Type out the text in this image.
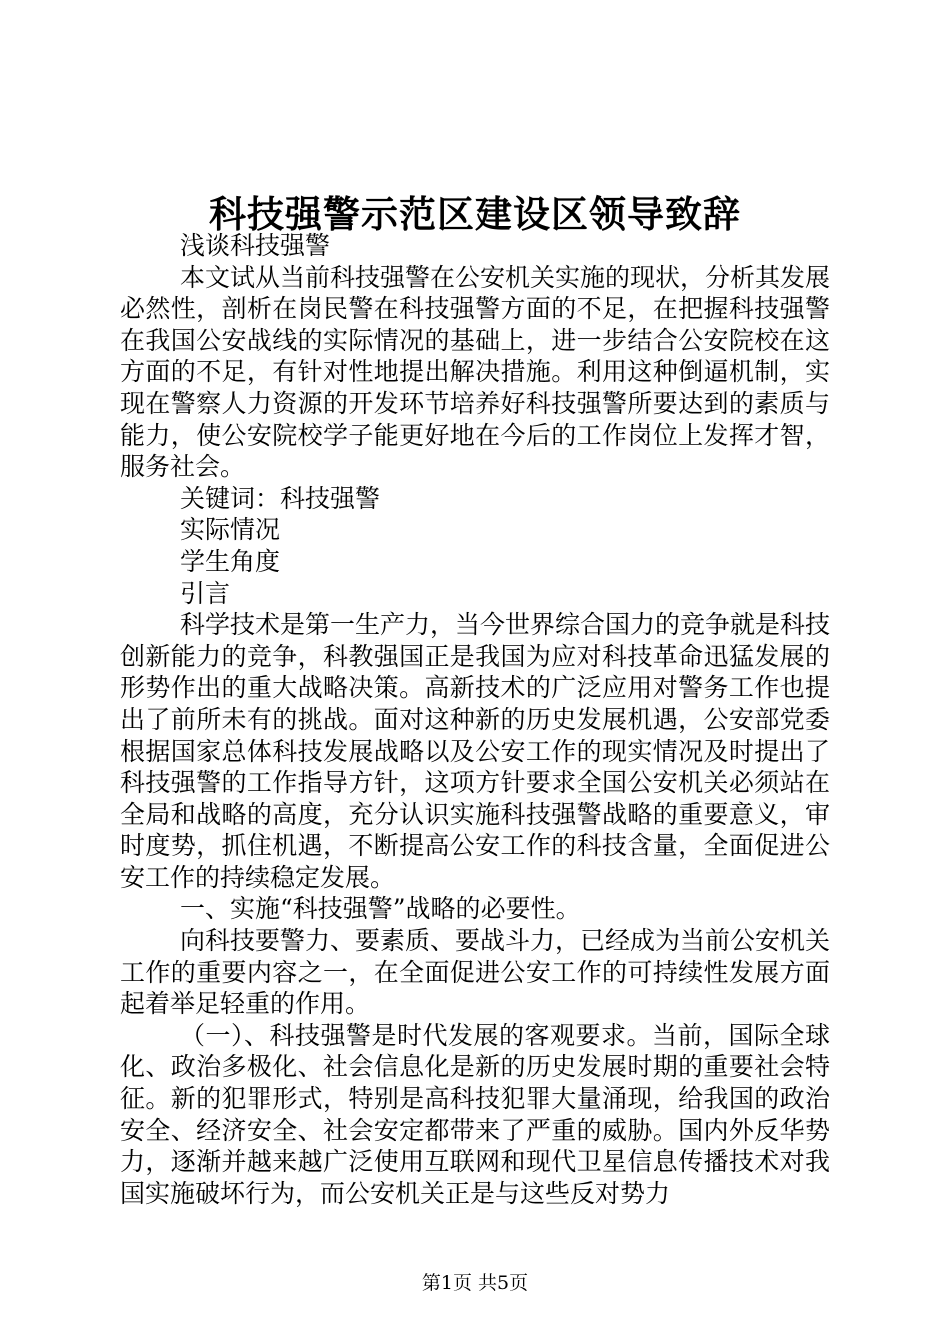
科技强警示范区建设区领导致辞

浅谈科技强警

本文试从当前科技强警在公安机关实施的现状，分析其发展必然性，剖析在岗民警在科技强警方面的不足，在把握科技强警在我国公安战线的实际情况的基础上，进一步结合公安院校在这方面的不足，有针对性地提出解决措施。利用这种倒逼机制，实现在警察人力资源的开发环节培养好科技强警所要达到的素质与能力，使公安院校学子能更好地在今后的工作岗位上发挥才智，服务社会。

关键词：科技强警

实际情况

学生角度

引言

科学技术是第一生产力，当今世界综合国力的竞争就是科技创新能力的竞争，科教强国正是我国为应对科技革命迅猛发展的形势作出的重大战略决策。高新技术的广泛应用对警务工作也提出了前所未有的挑战。面对这种新的历史发展机遇，公安部党委根据国家总体科技发展战略以及公安工作的现实情况及时提出了科技强警的工作指导方针，这项方针要求全国公安机关必须站在全局和战略的高度，充分认识实施科技强警战略的重要意义，审时度势，抓住机遇，不断提高公安工作的科技含量，全面促进公安工作的持续稳定发展。

一、实施“科技强警”战略的必要性。

向科技要警力、要素质、要战斗力，已经成为当前公安机关工作的重要内容之一，在全面促进公安工作的可持续性发展方面起着举足轻重的作用。

（一）、科技强警是时代发展的客观要求。当前，国际全球化、政治多极化、社会信息化是新的历史发展时期的重要社会特征。新的犯罪形式，特别是高科技犯罪大量涌现，给我国的政治安全、经济安全、社会安定都带来了严重的威胁。国内外反华势力，逐渐并越来越广泛使用互联网和现代卫星信息传播技术对我国实施破坏行为，而公安机关正是与这些反对势力

第1页 共5页
